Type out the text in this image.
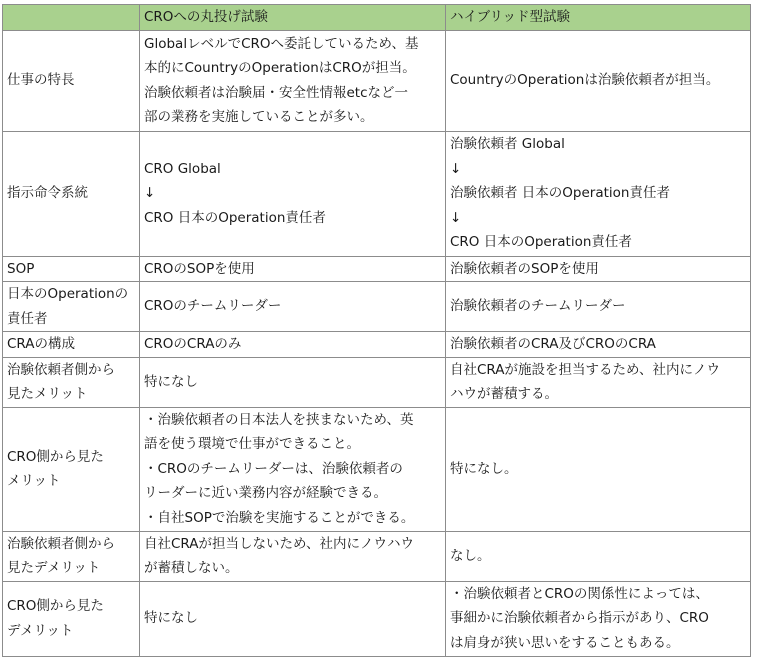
	CROへの丸投げ試験	ハイブリッド型試験

仕事の特長	Globalレベルで​CROへ委託しているため、基
本的にCountryのOperationはCROが担当。
治験依頼者は治験届・安全性情報etcなど一
部の業務を実施していることが多い。	CountryのOperationは治験依頼者が担当。

指示命令系統	CRO Global
↓
CRO 日本のOperation責任者	治験依頼者 Global
↓
治験依頼者 日本のOperation責任者
↓
CRO 日本のOperation責任者

SOP	CROのSOPを使用	治験依頼者のSOPを使用

日本のOperationの
責任者	CROのチームリーダー	治験依頼者のチームリーダー

CRAの構成	CROのCRAのみ	治験依頼者のCRA及びCROのCRA

治験依頼者側から
見たメリット	特になし	自社CRAが施設を担当するため、社内にノウ
ハウが蓄積する。

CRO側から見た
メリット	・治験依頼者の日本法人を挟まないため、英
語を使う環境で仕事ができること。
・CROのチームリーダーは、治験依頼者の
リーダーに近い業務内容が経験できる。
・自社SOPで治験を実施することができる。	特になし。

治験依頼者側から
見たデメリット	自社CRAが担当しないため、社内にノウハウ
が蓄積しない。	なし。

CRO側から見た
デメリット	特になし	・治験依頼者とCROの関係性によっては、
事細かに治験依頼者から指示があり、CRO
は肩身が狭い思いをすることもある。
